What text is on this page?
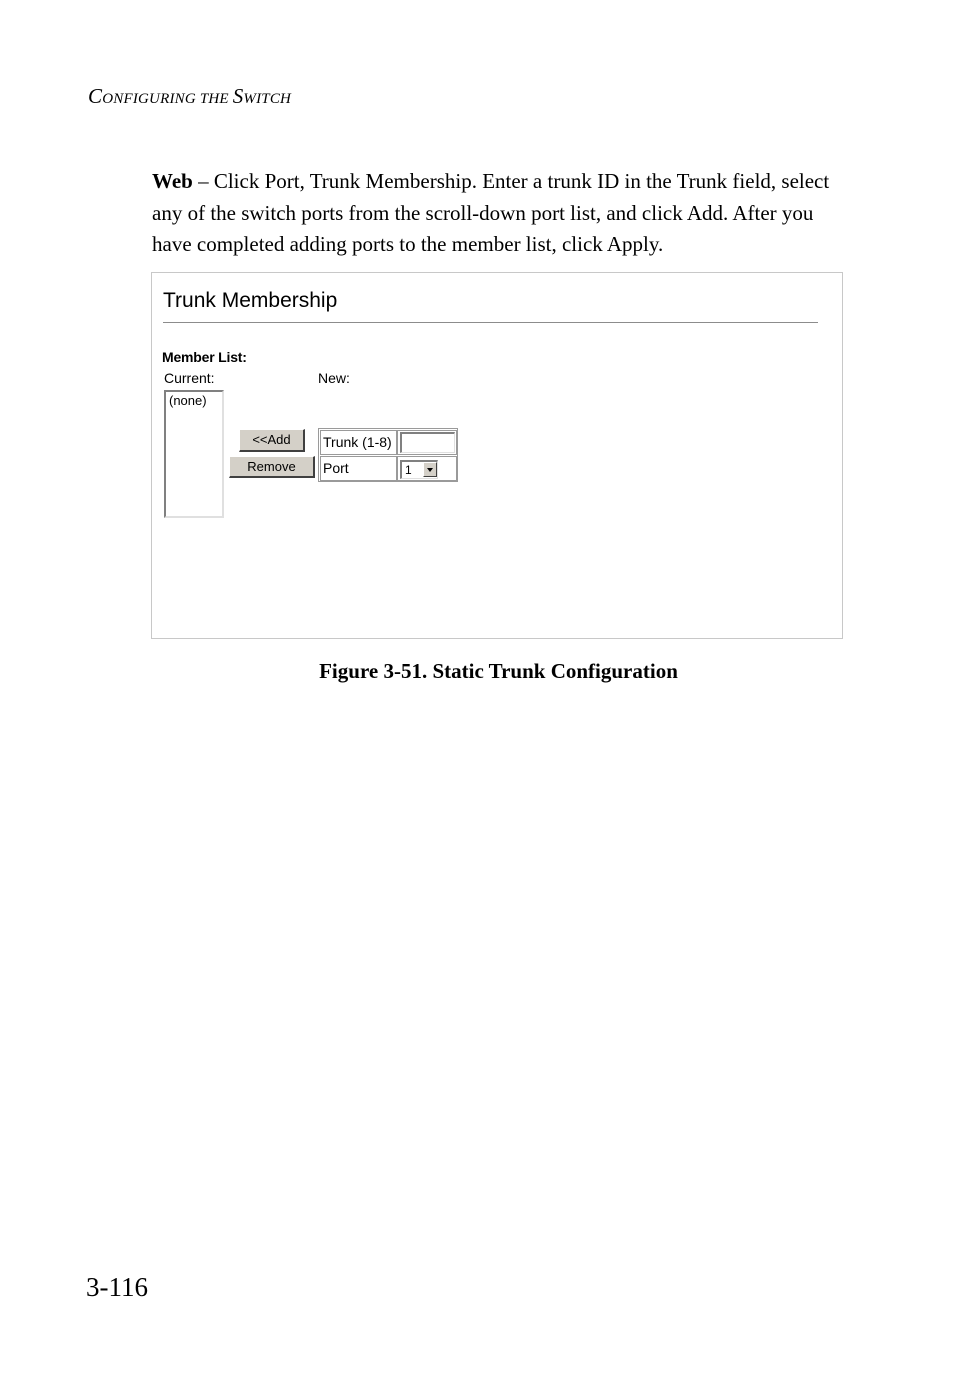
CONFIGURING THE SWITCH
Web – Click Port, Trunk Membership. Enter a trunk ID in the Trunk field, select any of the switch ports from the scroll-down port list, and click Add. After you have completed adding ports to the member list, click Apply.
Trunk Membership
Member List:
Current:	New:
(none)
<<Add
Remove
Trunk (1-8)
Port	1
Figure 3-51. Static Trunk Configuration
3-116
